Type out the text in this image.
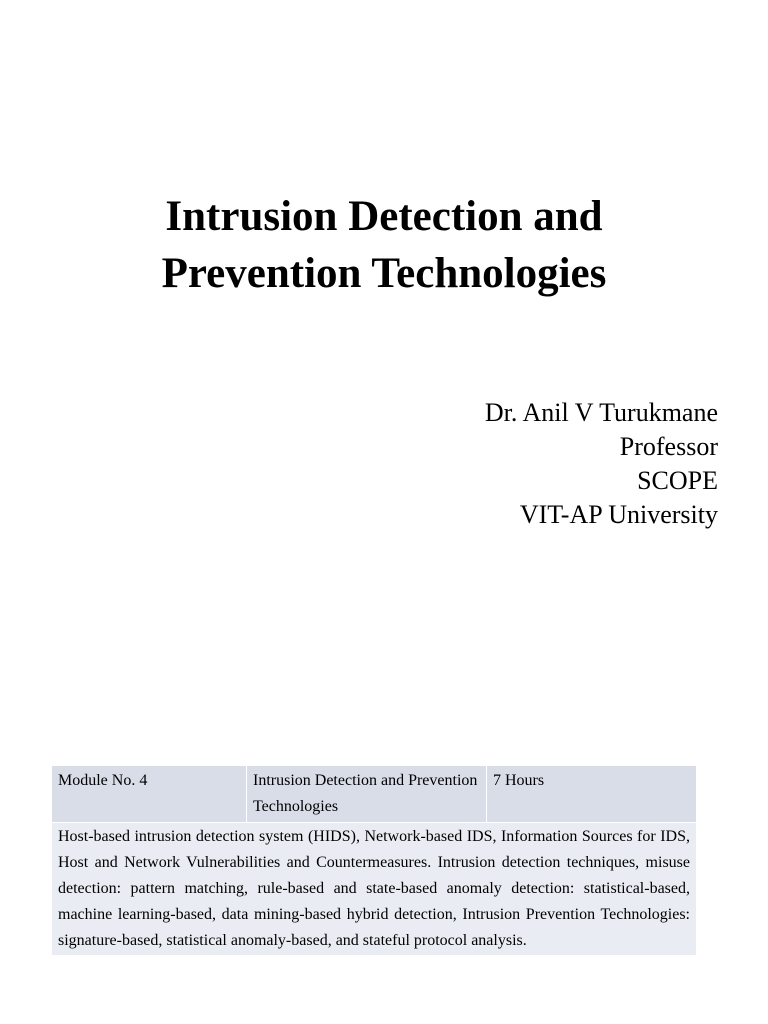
Intrusion Detection and
Prevention Technologies
Dr. Anil V Turukmane
Professor
SCOPE
VIT-AP University
Module No. 4	Intrusion Detection and Prevention Technologies	7 Hours
Host-based intrusion detection system (HIDS), Network-based IDS, Information Sources for IDS, Host and Network Vulnerabilities and Countermeasures. Intrusion detection techniques, misuse detection: pattern matching, rule-based and state-based anomaly detection: statistical-based, machine learning-based, data mining-based hybrid detection, Intrusion Prevention Technologies: signature-based, statistical anomaly-based, and stateful protocol analysis.
